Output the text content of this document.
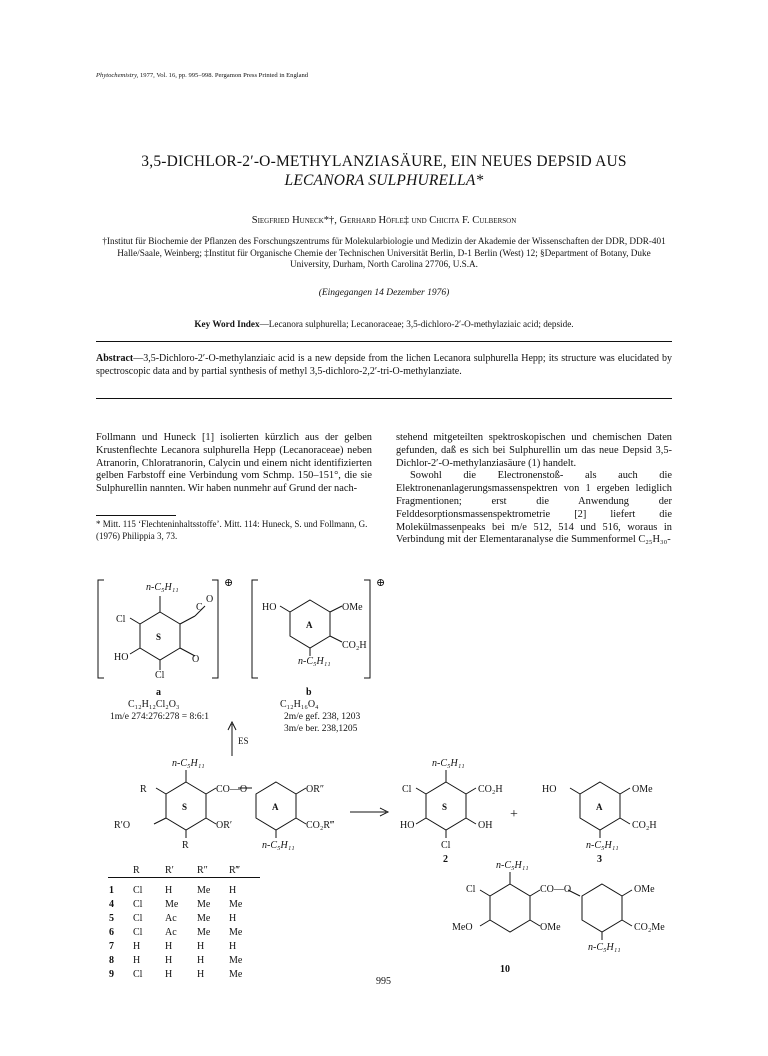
Phytochemistry, 1977, Vol. 16, pp. 995–998. Pergamon Press Printed in England
3,5-DICHLOR-2′-O-METHYLANZIASÄURE, EIN NEUES DEPSID AUS
LECANORA SULPHURELLA*
Siegfried Huneck*†, Gerhard Höfle‡ und Chicita F. Culberson
†Institut für Biochemie der Pflanzen des Forschungszentrums für Molekularbiologie und Medizin der Akademie der Wissenschaften der DDR, DDR-401 Halle/Saale, Weinberg; ‡Institut für Organische Chemie der Technischen Universität Berlin, D-1 Berlin (West) 12; §Department of Botany, Duke University, Durham, North Carolina 27706, U.S.A.
(Eingegangen 14 Dezember 1976)
Key Word Index—Lecanora sulphurella; Lecanoraceae; 3,5-dichloro-2′-O-methylaziaic acid; depside.
Abstract—3,5-Dichloro-2′-O-methylanziaic acid is a new depside from the lichen Lecanora sulphurella Hepp; its structure was elucidated by spectroscopic data and by partial synthesis of methyl 3,5-dichloro-2,2′-tri-O-methylanziate.
Follmann und Huneck [1] isolierten kürzlich aus der gelben Krustenflechte Lecanora sulphurella Hepp (Lecanoraceae) neben Atranorin, Chloratranorin, Calycin und einem nicht identifizierten gelben Farbstoff eine Verbindung vom Schmp. 150–151°, die sie Sulphurellin nannten. Wir haben nunmehr auf Grund der nach-
stehend mitgeteilten spektroskopischen und chemischen Daten gefunden, daß es sich bei Sulphurellin um das neue Depsid 3,5-Dichlor-2′-O-methylanziasäure (1) handelt.
Sowohl die Electronenstoß- als auch die Elektronenanlagerungsmassenspektren von 1 ergeben lediglich Fragmentionen; erst die Anwendung der Felddesorptionsmassenspektrometrie [2] liefert die Molekülmassenpeaks bei m/e 512, 514 und 516, woraus in Verbindung mit der Elementaranalyse die Summenformel C₂₅H₃₀-
* Mitt. 115 ‘Flechteninhaltsstoffe’. Mitt. 114: Huneck, S. und Follmann, G. (1976) Philippia 3, 73.
n-C₅H₁₁
Cl
C
O
HO	O
Cl
S
⊕
HO	OMe
CO₂H
n-C₅H₁₁
A
⊕
a
C₁₂H₁₂Cl₂O₃
1m/e 274:276:278 = 8:6:1
b
C₁₂H₁₆O₄
2m/e gef. 238, 1203
3m/e ber. 238,1205
ES
n-C₅H₁₁
R	CO—O	OR″
R′O	OR′	CO₂R‴
R	n-C₅H₁₁
S	A
n-C₅H₁₁
Cl	CO₂H
HO	OH
Cl
S
2
+
HO	OMe
CO₂H
n-C₅H₁₁
A
3
n-C₅H₁₁
Cl	CO—O	OMe
MeO	OMe	CO₂Me
n-C₅H₁₁
10
	R	R′	R″	R‴

1	Cl	H	Me	H
4	Cl	Me	Me	Me
5	Cl	Ac	Me	H
6	Cl	Ac	Me	Me
7	H	H	H	H
8	H	H	H	Me
9	Cl	H	H	Me
995
